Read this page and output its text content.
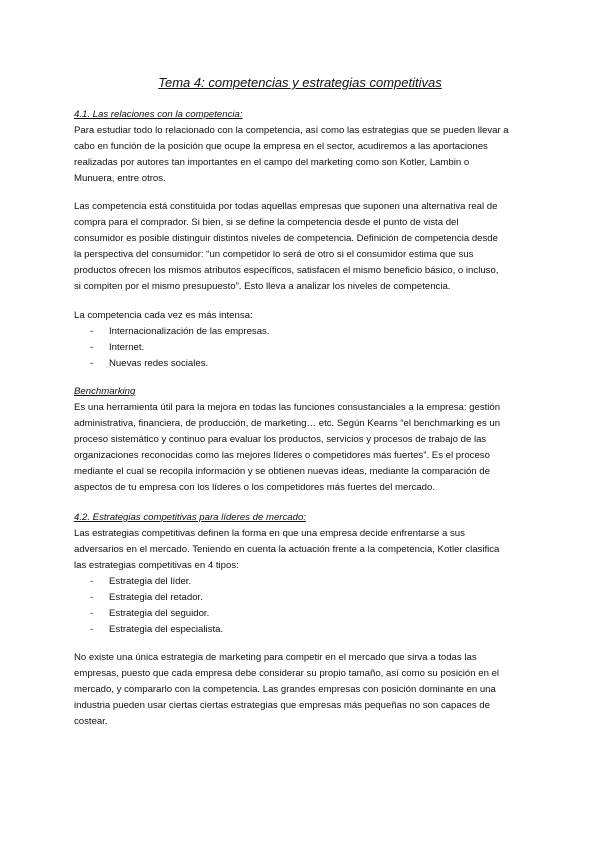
Tema 4: competencias y estrategias competitivas
4.1. Las relaciones con la competencia:
Para estudiar todo lo relacionado con la competencia, así como las estrategias que se pueden llevar a
cabo en función de la posición que ocupe la empresa en el sector, acudiremos a las aportaciones
realizadas por autores tan importantes en el campo del marketing como son Kotler, Lambin o
Munuera, entre otros.
Las competencia está constituida por todas aquellas empresas que suponen una alternativa real de
compra para el comprador. Si bien, si se define la competencia desde el punto de vista del
consumidor es posible distinguir distintos niveles de competencia. Definición de competencia desde
la perspectiva del consumidor: “un competidor lo será de otro si el consumidor estima que sus
productos ofrecen los mismos atributos específicos, satisfacen el mismo beneficio básico, o incluso,
si compiten por el mismo presupuesto”. Esto lleva a analizar los niveles de competencia.
La competencia cada vez es más intensa:
- Internacionalización de las empresas.
- Internet.
- Nuevas redes sociales.
Benchmarking
Es una herramienta útil para la mejora en todas las funciones consustanciales a la empresa: gestión
administrativa, financiera, de producción, de marketing… etc. Según Kearns “el benchmarking es un
proceso sistemático y continuo para evaluar los productos, servicios y procesos de trabajo de las
organizaciones reconocidas como las mejores líderes o competidores más fuertes”. Es el proceso
mediante el cual se recopila información y se obtienen nuevas ideas, mediante la comparación de
aspectos de tu empresa con los líderes o los competidores más fuertes del mercado.
4.2. Estrategias competitivas para líderes de mercado:
Las estrategias competitivas definen la forma en que una empresa decide enfrentarse a sus
adversarios en el mercado. Teniendo en cuenta la actuación frente a la competencia, Kotler clasifica
las estrategias competitivas en 4 tipos:
- Estrategia del líder.
- Estrategia del retador.
- Estrategia del seguidor.
- Estrategia del especialista.
No existe una única estrategia de marketing para competir en el mercado que sirva a todas las
empresas, puesto que cada empresa debe considerar su propio tamaño, así como su posición en el
mercado, y compararlo con la competencia. Las grandes empresas con posición dominante en una
industria pueden usar ciertas ciertas estrategias que empresas más pequeñas no son capaces de
costear.
